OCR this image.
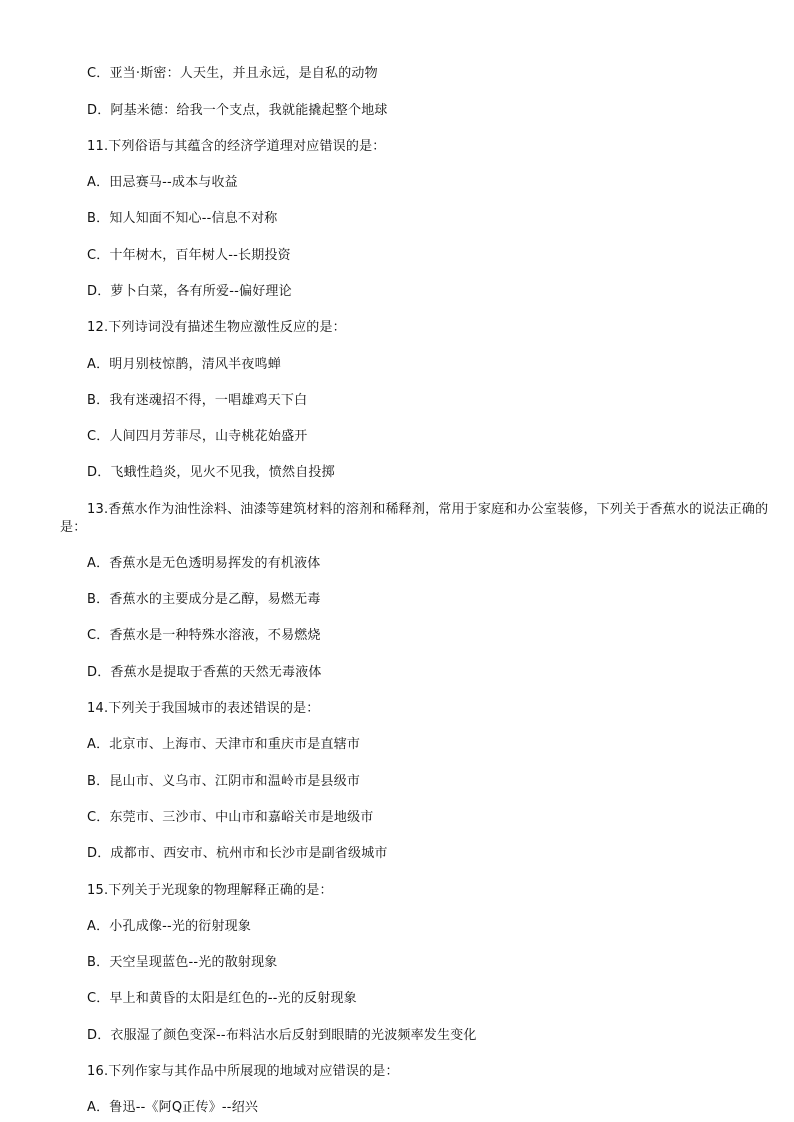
C．亚当·斯密：人天生，并且永远，是自私的动物
D．阿基米德：给我一个支点，我就能撬起整个地球
11.下列俗语与其蕴含的经济学道理对应错误的是：
A．田忌赛马--成本与收益
B．知人知面不知心--信息不对称
C．十年树木，百年树人--长期投资
D．萝卜白菜，各有所爱--偏好理论
12.下列诗词没有描述生物应激性反应的是：
A．明月别枝惊鹊，清风半夜鸣蝉
B．我有迷魂招不得，一唱雄鸡天下白
C．人间四月芳菲尽，山寺桃花始盛开
D．飞蛾性趋炎，见火不见我，愤然自投掷
13.香蕉水作为油性涂料、油漆等建筑材料的溶剂和稀释剂，常用于家庭和办公室装修，下列关于香蕉水的说法正确的是：
A．香蕉水是无色透明易挥发的有机液体
B．香蕉水的主要成分是乙醇，易燃无毒
C．香蕉水是一种特殊水溶液，不易燃烧
D．香蕉水是提取于香蕉的天然无毒液体
14.下列关于我国城市的表述错误的是：
A．北京市、上海市、天津市和重庆市是直辖市
B．昆山市、义乌市、江阴市和温岭市是县级市
C．东莞市、三沙市、中山市和嘉峪关市是地级市
D．成都市、西安市、杭州市和长沙市是副省级城市
15.下列关于光现象的物理解释正确的是：
A．小孔成像--光的衍射现象
B．天空呈现蓝色--光的散射现象
C．早上和黄昏的太阳是红色的--光的反射现象
D．衣服湿了颜色变深--布料沾水后反射到眼睛的光波频率发生变化
16.下列作家与其作品中所展现的地域对应错误的是：
A．鲁迅--《阿Q正传》--绍兴
